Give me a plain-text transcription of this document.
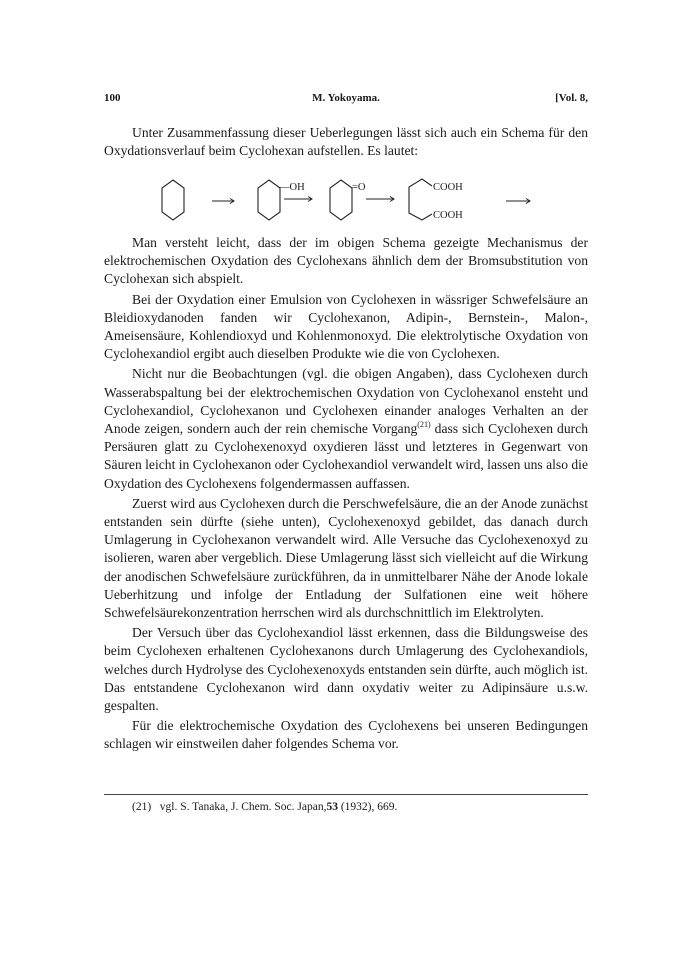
100	M. Yokoyama.	[Vol. 8,

Unter Zusammenfassung dieser Ueberlegungen lässt sich auch ein Schema für den Oxydationsverlauf beim Cyclohexan aufstellen. Es lautet:

—OH	=O	COOH
COOH

Man versteht leicht, dass der im obigen Schema gezeigte Mechanismus der elektrochemischen Oxydation des Cyclohexans ähnlich dem der Bromsubstitution von Cyclohexan sich abspielt.

Bei der Oxydation einer Emulsion von Cyclohexen in wässriger Schwefelsäure an Bleidioxydanoden fanden wir Cyclohexanon, Adipin-, Bernstein-, Malon-, Ameisensäure, Kohlendioxyd und Kohlenmonoxyd. Die elektrolytische Oxydation von Cyclohexandiol ergibt auch dieselben Produkte wie die von Cyclohexen.

Nicht nur die Beobachtungen (vgl. die obigen Angaben), dass Cyclohexen durch Wasserabspaltung bei der elektrochemischen Oxydation von Cyclohexanol ensteht und Cyclohexandiol, Cyclohexanon und Cyclohexen einander analoges Verhalten an der Anode zeigen, sondern auch der rein chemische Vorgang$^{(21)}$ dass sich Cyclohexen durch Persäuren glatt zu Cyclohexenoxyd oxydieren lässt und letzteres in Gegenwart von Säuren leicht in Cyclohexanon oder Cyclohexandiol verwandelt wird, lassen uns also die Oxydation des Cyclohexens folgendermassen auffassen.

Zuerst wird aus Cyclohexen durch die Perschwefelsäure, die an der Anode zunächst entstanden sein dürfte (siehe unten), Cyclohexenoxyd gebildet, das danach durch Umlagerung in Cyclohexanon verwandelt wird. Alle Versuche das Cyclohexenoxyd zu isolieren, waren aber vergeblich. Diese Umlagerung lässt sich vielleicht auf die Wirkung der anodischen Schwefelsäure zurückführen, da in unmittelbarer Nähe der Anode lokale Ueberhitzung und infolge der Entladung der Sulfationen eine weit höhere Schwefelsäurekonzentration herrschen wird als durchschnittlich im Elektrolyten.

Der Versuch über das Cyclohexandiol lässt erkennen, dass die Bildungsweise des beim Cyclohexen erhaltenen Cyclohexanons durch Umlagerung des Cyclohexandiols, welches durch Hydrolyse des Cyclohexenoxyds entstanden sein dürfte, auch möglich ist. Das entstandene Cyclohexanon wird dann oxydativ weiter zu Adipinsäure u.s.w. gespalten.

Für die elektrochemische Oxydation des Cyclohexens bei unseren Bedingungen schlagen wir einstweilen daher folgendes Schema vor.

(21) vgl. S. Tanaka, J. Chem. Soc. Japan,53 (1932), 669.
